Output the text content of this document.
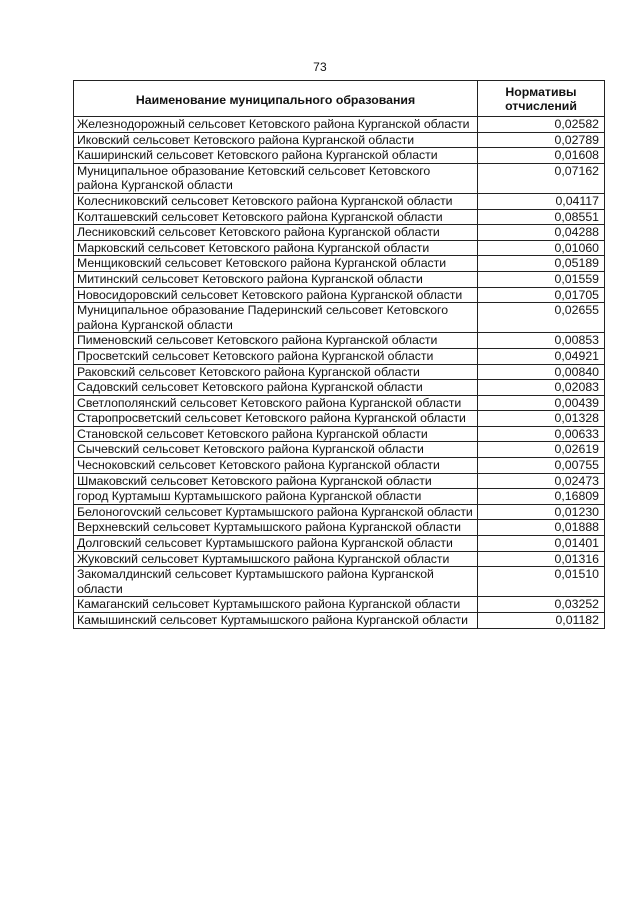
73
Наименование муниципального образования	Нормативы отчислений
Железнодорожный сельсовет Кетовского района Курганской области	0,02582
Иковский сельсовет Кетовского района Курганской области	0,02789
Каширинский сельсовет Кетовского района Курганской области	0,01608
Муниципальное образование Кетовский сельсовет Кетовского района Курганской области	0,07162
Колесниковский сельсовет Кетовского района Курганской области	0,04117
Колташевский сельсовет Кетовского района Курганской области	0,08551
Лесниковский сельсовет Кетовского района Курганской области	0,04288
Марковский сельсовет Кетовского района Курганской области	0,01060
Менщиковский сельсовет Кетовского района Курганской области	0,05189
Митинский сельсовет Кетовского района Курганской области	0,01559
Новосидоровский сельсовет Кетовского района Курганской области	0,01705
Муниципальное образование Падеринский сельсовет Кетовского района Курганской области	0,02655
Пименовский сельсовет Кетовского района Курганской области	0,00853
Просветский сельсовет Кетовского района Курганской области	0,04921
Раковский сельсовет Кетовского района Курганской области	0,00840
Садовский сельсовет Кетовского района Курганской области	0,02083
Светлополянский сельсовет Кетовского района Курганской области	0,00439
Старопросветский сельсовет Кетовского района Курганской области	0,01328
Становской сельсовет Кетовского района Курганской области	0,00633
Сычевский сельсовет Кетовского района Курганской области	0,02619
Чесноковский сельсовет Кетовского района Курганской области	0,00755
Шмаковский сельсовет Кетовского района Курганской области	0,02473
город Куртамыш Куртамышского района Курганской области	0,16809
Белоногovский сельсовет Куртамышского района Курганской области	0,01230
Верхневский сельсовет Куртамышского района Курганской области	0,01888
Долговский сельсовет Куртамышского района Курганской области	0,01401
Жуковский сельсовет Куртамышского района Курганской области	0,01316
Закомалдинский сельсовет Куртамышского района Курганской области	0,01510
Камаганский сельсовет Куртамышского района Курганской области	0,03252
Камышинский сельсовет Куртамышского района Курганской области	0,01182
